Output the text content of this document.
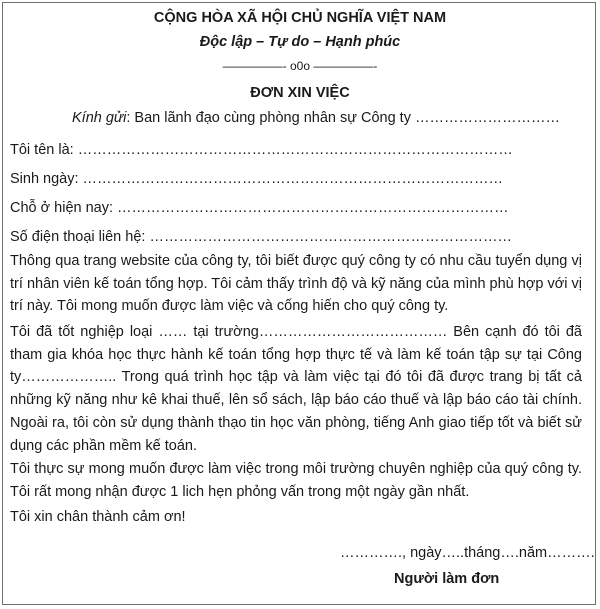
CỘNG HÒA XÃ HỘI CHỦ NGHĨA VIỆT NAM
Độc lập – Tự do – Hạnh phúc
—————- o0o —————-
ĐƠN XIN VIỆC
Kính gửi: Ban lãnh đạo cùng phòng nhân sự Công ty …………………………
Tôi tên là: ………………………………………………………………………………
Sinh ngày: ……………………………………………………………………………
Chỗ ở hiện nay: ………………………………………………………………………
Số điện thoại liên hệ: …………………………………………………………………
Thông qua trang website của công ty, tôi biết được quý công ty có nhu cầu tuyển dụng vị trí nhân viên kế toán tổng hợp. Tôi cảm thấy trình độ và kỹ năng của mình phù hợp với vị trí này. Tôi mong muốn được làm việc và cống hiến cho quý công ty.
Tôi đã tốt nghiệp loại …… tại trường………………………………… Bên cạnh đó tôi đã tham gia khóa học thực hành kế toán tổng hợp thực tế và làm kế toán tập sự tại Công ty……………….. Trong quá trình học tập và làm việc tại đó tôi đã được trang bị tất cả những kỹ năng như kê khai thuế, lên sổ sách, lập báo cáo thuế và lập báo cáo tài chính. Ngoài ra, tôi còn sử dụng thành thạo tin học văn phòng, tiếng Anh giao tiếp tốt và biết sử dụng các phần mềm kế toán.
Tôi thực sự mong muốn được làm việc trong môi trường chuyên nghiệp của quý công ty. Tôi rất mong nhận được 1 lich hẹn phỏng vấn trong một ngày gần nhất.
Tôi xin chân thành cảm ơn!
…………., ngày…..tháng….năm……….
Người làm đơn
